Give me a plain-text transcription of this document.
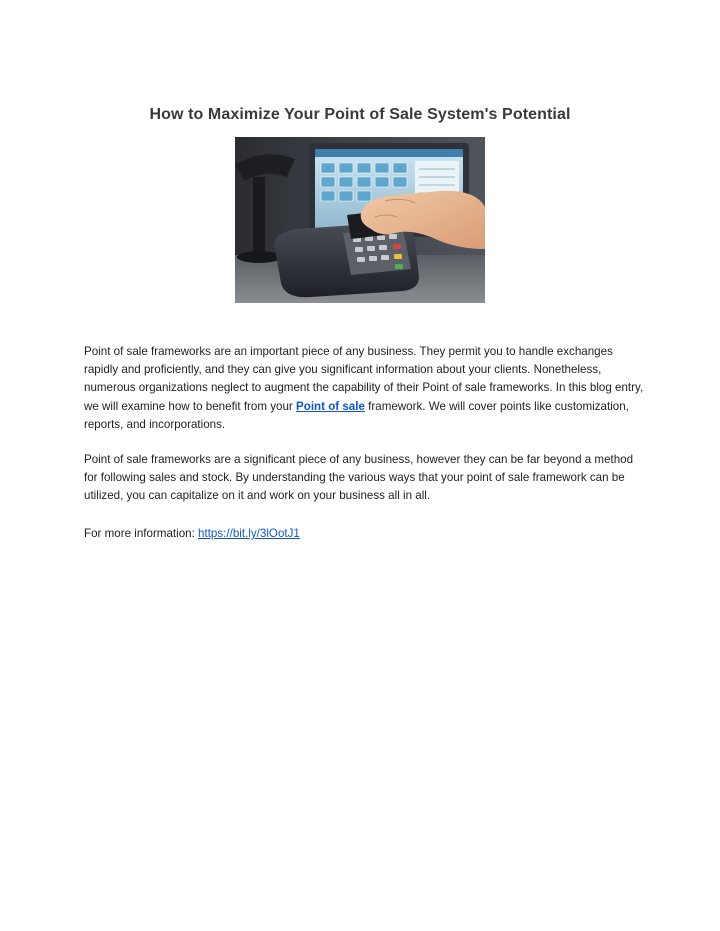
How to Maximize Your Point of Sale System's Potential

Point of sale frameworks are an important piece of any business. They permit you to handle exchanges rapidly and proficiently, and they can give you significant information about your clients. Nonetheless, numerous organizations neglect to augment the capability of their Point of sale frameworks. In this blog entry, we will examine how to benefit from your Point of sale framework. We will cover points like customization, reports, and incorporations.

Point of sale frameworks are a significant piece of any business, however they can be far beyond a method for following sales and stock. By understanding the various ways that your point of sale framework can be utilized, you can capitalize on it and work on your business all in all.

For more information: https://bit.ly/3lOotJ1
